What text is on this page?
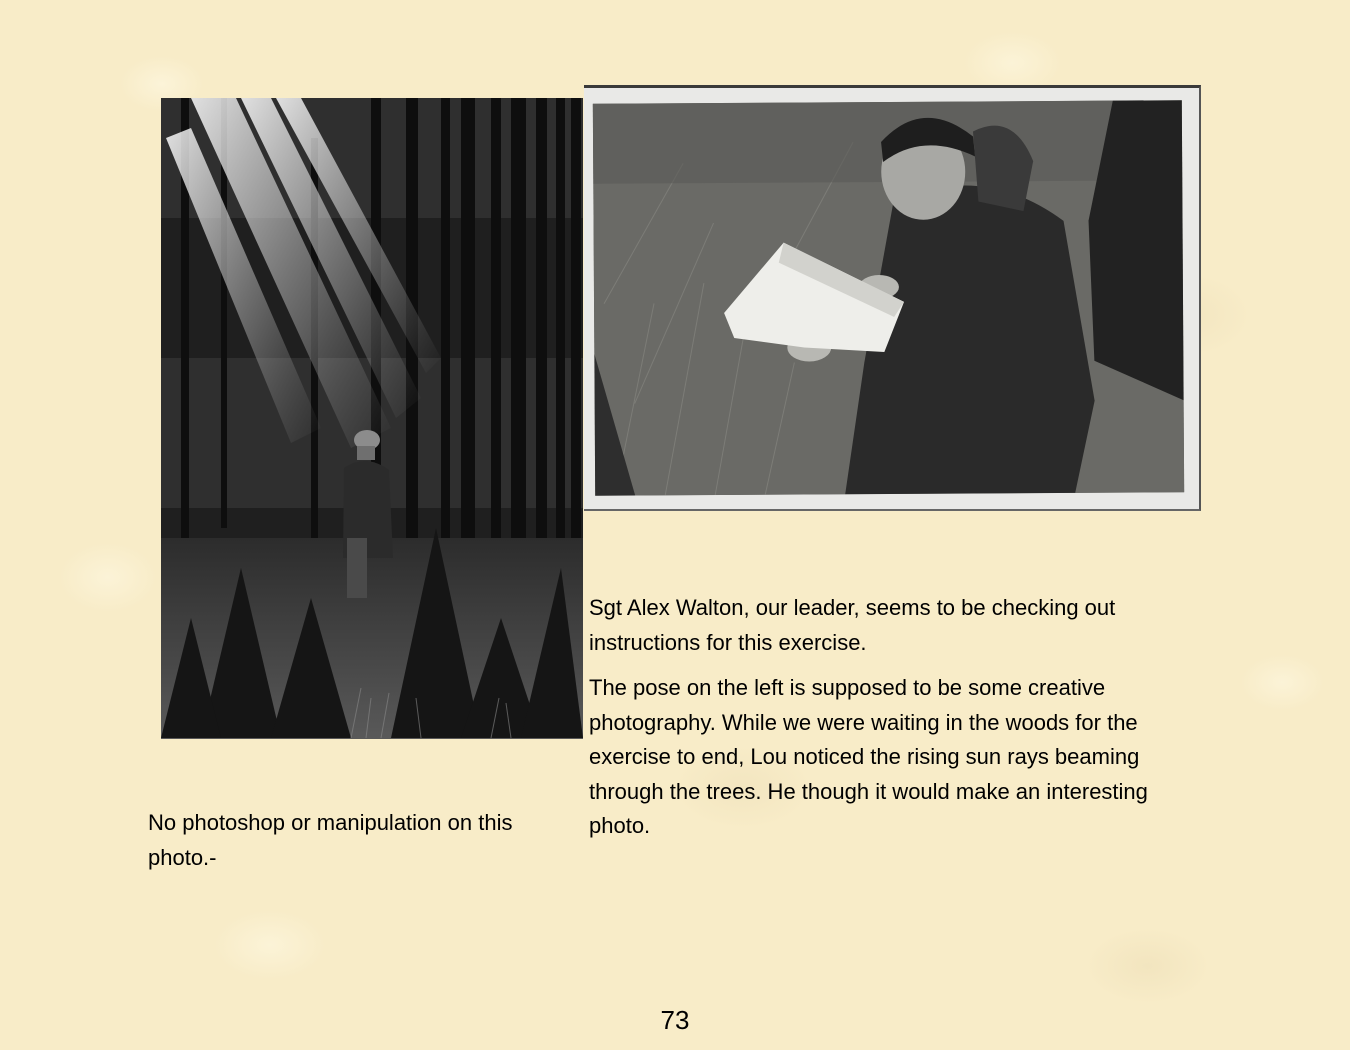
Sgt Alex Walton, our leader, seems to be checking out instructions for this exercise.

The pose on the left is supposed to be some creative photography. While we were waiting in the woods for the exercise to end, Lou noticed the rising sun rays beaming through the trees. He though it would make an interesting photo.

No photoshop or manipulation on this photo.-

73
